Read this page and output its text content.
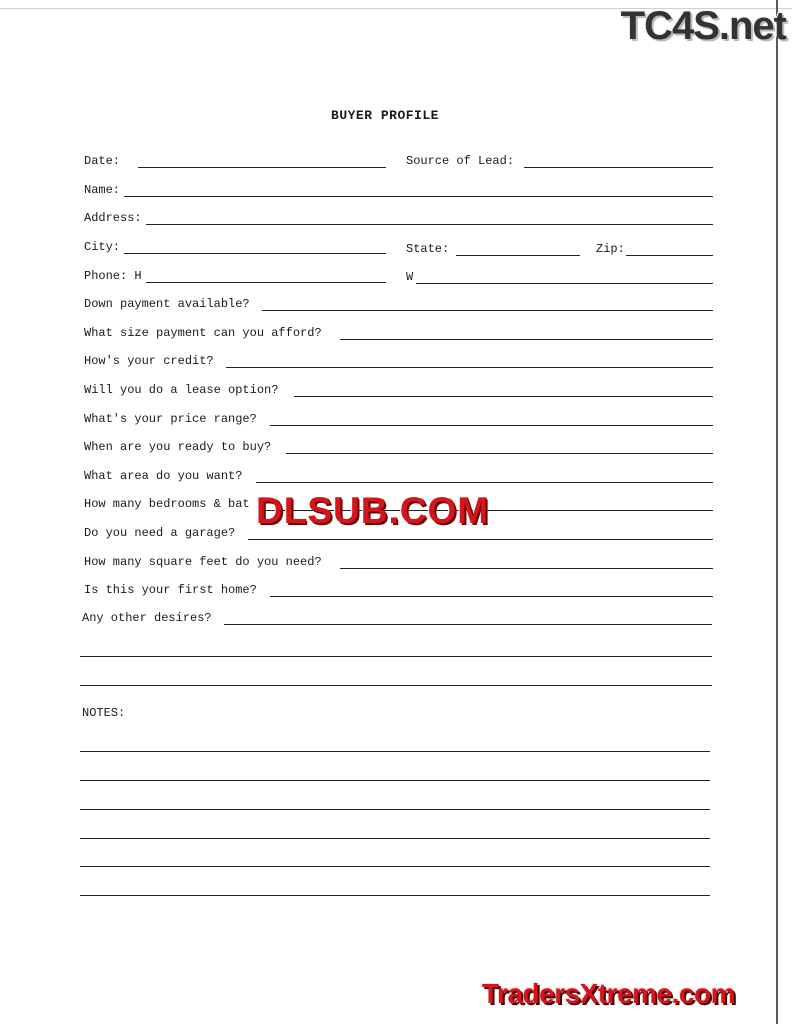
TC4S.net
BUYER PROFILE
Date:	Source of Lead:
Name:
Address:
City:	State:	Zip:
Phone: H	W
Down payment available?
What size payment can you afford?
How's your credit?
Will you do a lease option?
What's your price range?
When are you ready to buy?
What area do you want?
How many bedrooms & bat
Do you need a garage?
How many square feet do you need?
Is this your first home?
Any other desires?
NOTES:
DLSUB.COM
TradersXtreme.com
